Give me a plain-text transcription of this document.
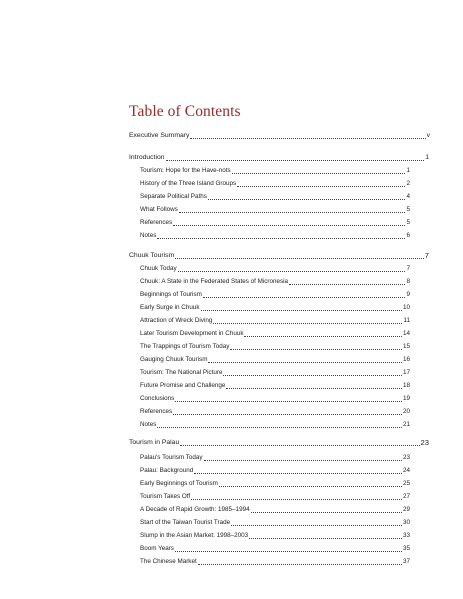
Table of Contents
Executive Summary	v
Introduction	1
Tourism: Hope for the Have-nots	1
History of the Three Island Groups	2
Separate Political Paths	4
What Follows	5
References	5
Notes	6
Chuuk Tourism	7
Chuuk Today	7
Chuuk: A State in the Federated States of Micronesia	8
Beginnings of Tourism	9
Early Surge in Chuuk	10
Attraction of Wreck Diving	11
Later Tourism Development in Chuuk	14
The Trappings of Tourism Today	15
Gauging Chuuk Tourism	16
Tourism: The National Picture	17
Future Promise and Challenge	18
Conclusions	19
References	20
Notes	21
Tourism in Palau	23
Palau's Tourism Today	23
Palau: Background	24
Early Beginnings of Tourism	25
Tourism Takes Off	27
A Decade of Rapid Growth: 1985–1994	29
Start of the Taiwan Tourist Trade	30
Slump in the Asian Market: 1998–2003	33
Boom Years	35
The Chinese Market	37
